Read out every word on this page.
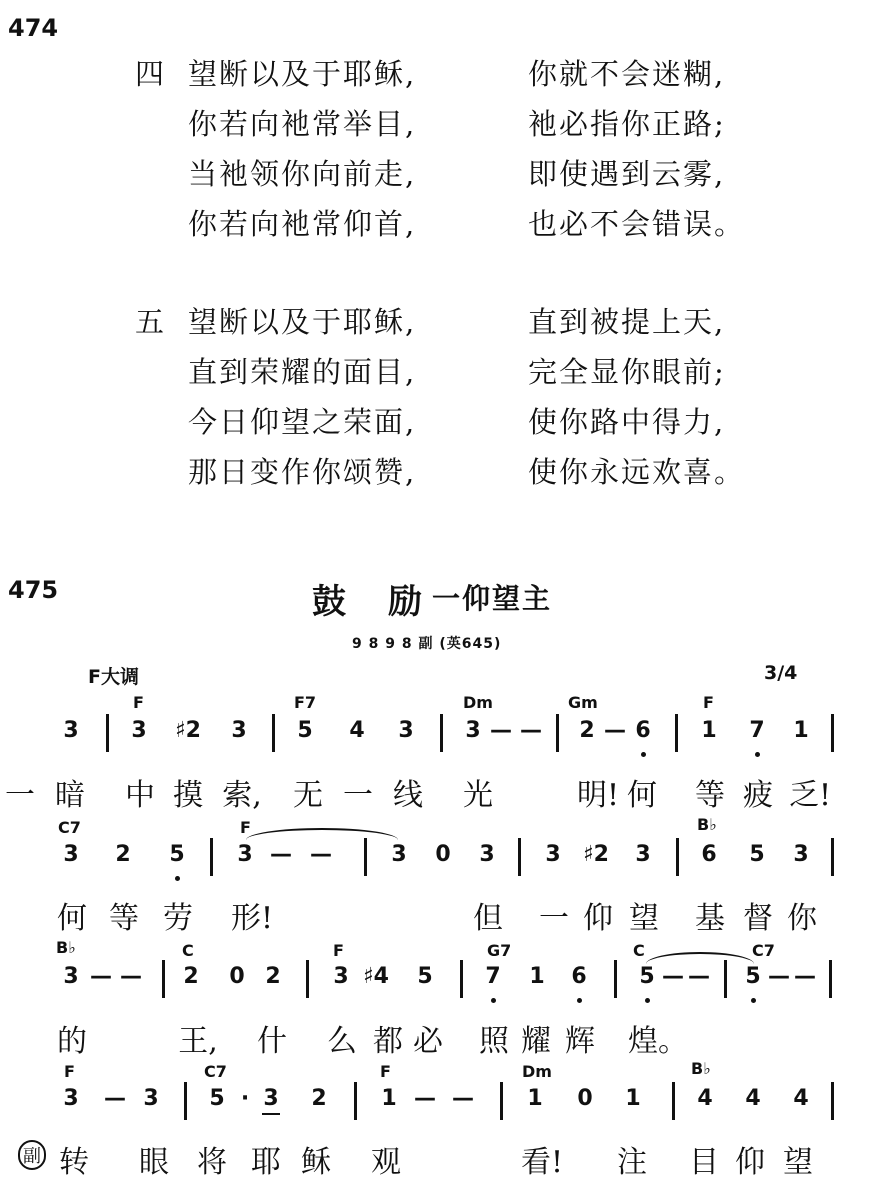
474
四 望断以及于耶稣,	你就不会迷糊,
你若向衪常举目,	衪必指你正路;
当衪领你向前走,	即使遇到云雾,
你若向衪常仰首,	也必不会错误。
五 望断以及于耶稣,	直到被提上天,
直到荣耀的面目,	完全显你眼前;
今日仰望之荣面,	使你路中得力,
那日变作你颂赞,	使你永远欢喜。
475	鼓　励 一仰望主
9 8 9 8 副 (英645)
F大调	3/4
F	F7	Dm	Gm	F
3	3	♯2	3	5	4	3	3 — —	2 — 6	1	7	1
一 暗 中 摸 索, 无 一 线 光	明! 何 等 疲 乏!
C7	F	B♭
3	2	5	3 — —	3	0	3	3	♯2	3	6	5	3
何 等 劳 形!	但 一 仰 望 基 督 你
B♭	C	F	G7	C	C7
3 — —	2	0 2	3 ♯4	5	7	1	6	5 — —	5 — —
的	王, 什 么 都 必 照 耀 辉 煌。
F	C7	F	Dm	B♭
3	— 3	5 · 3	2	1 — —	1	0	1	4	4	4
副 转 眼 将 耶 稣 观	看! 注 目 仰 望
